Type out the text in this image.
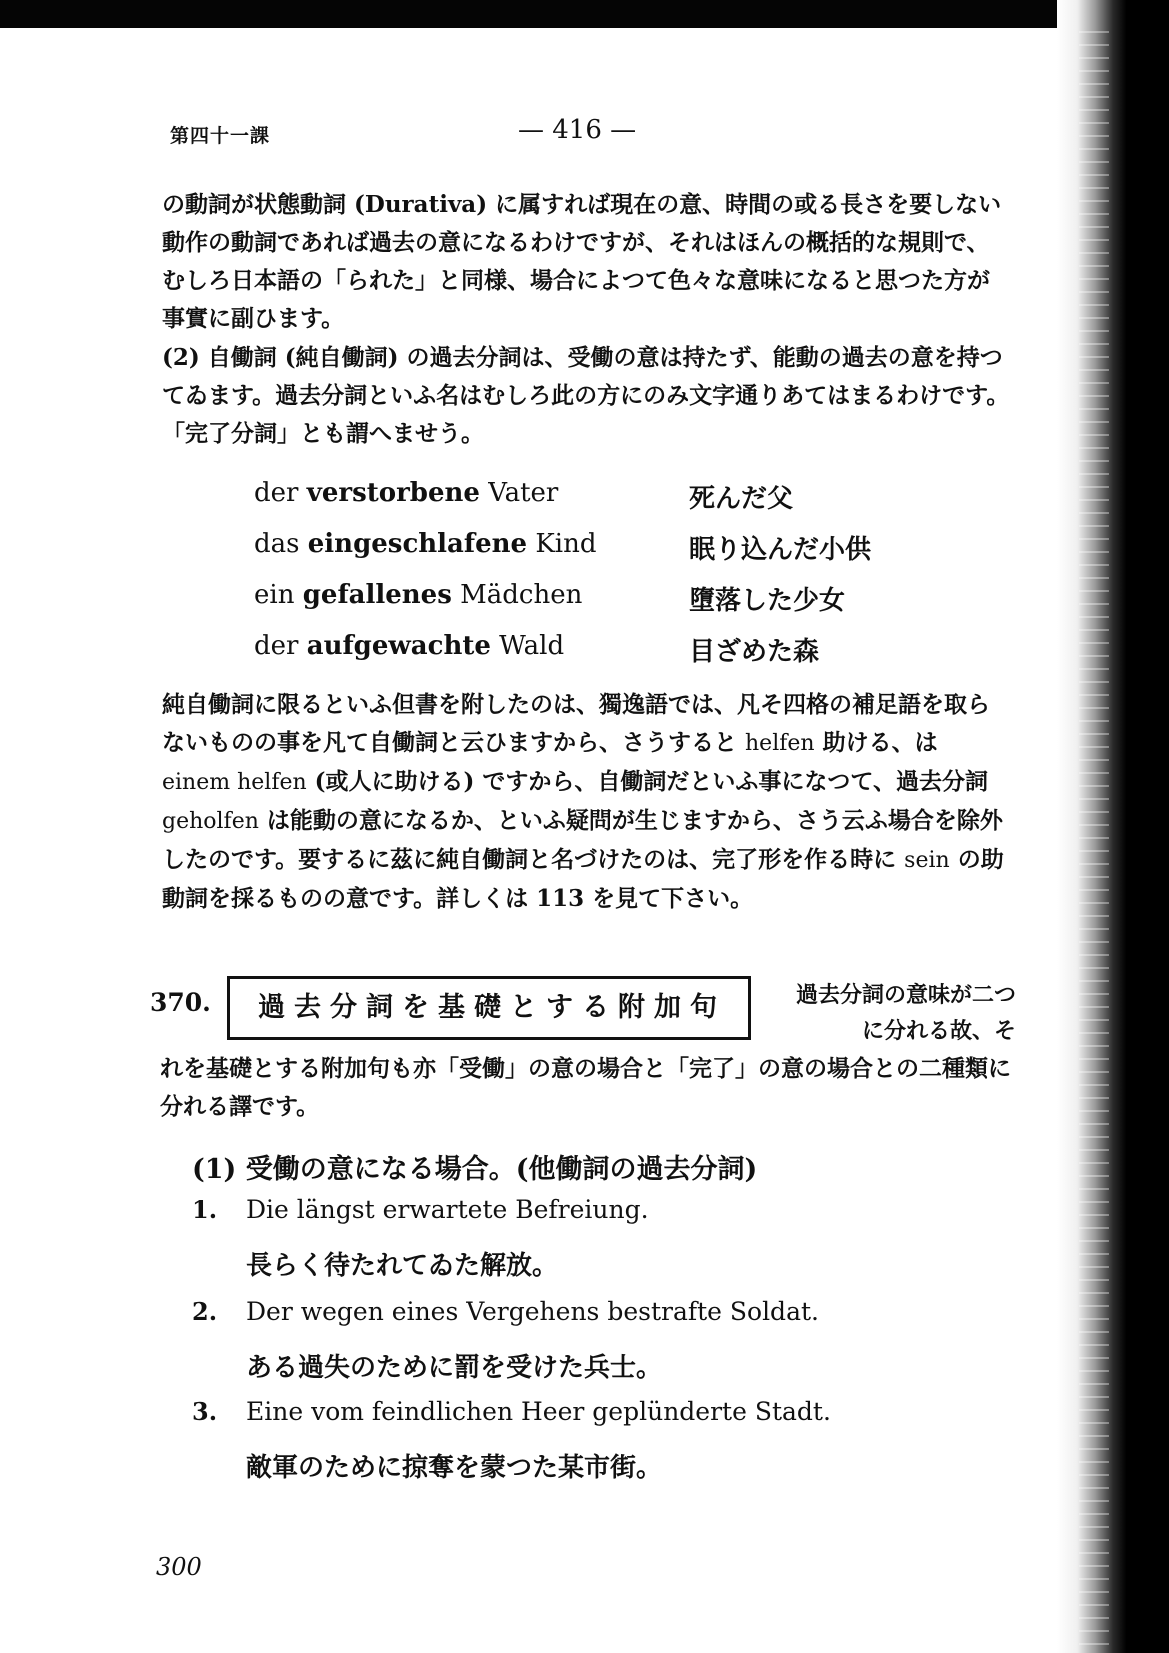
第四十一課	— 416 —

の動詞が状態動詞 (Durativa) に属すれば現在の意、時間の或る長さを要しない動作の動詞であれば過去の意になるわけですが、それはほんの概括的な規則で、むしろ日本語の「られた」と同様、場合によつて色々な意味になると思つた方が事實に副ひます。

(2) 自働詞 (純自働詞) の過去分詞は、受働の意は持たず、能動の過去の意を持つてゐます。過去分詞といふ名はむしろ此の方にのみ文字通りあてはまるわけです。「完了分詞」とも謂へませう。

der verstorbene Vater	死んだ父
das eingeschlafene Kind	眠り込んだ小供
ein gefallenes Mädchen	墮落した少女
der aufgewachte Wald	目ざめた森

純自働詞に限るといふ但書を附したのは、獨逸語では、凡そ四格の補足語を取らないものの事を凡て自働詞と云ひますから、さうすると helfen 助ける、は einem helfen (或人に助ける) ですから、自働詞だといふ事になつて、過去分詞 geholfen は能動の意になるか、といふ疑問が生じますから、さう云ふ場合を除外したのです。要するに茲に純自働詞と名づけたのは、完了形を作る時に sein の助動詞を採るものの意です。詳しくは 113 を見て下さい。

370.	過去分詞を基礎とする附加句	過去分詞の意味が二つに分れる故、そ

れを基礎とする附加句も亦「受働」の意の場合と「完了」の意の場合との二種類に分れる譯です。

(1) 受働の意になる場合。(他働詞の過去分詞)
1. Die längst erwartete Befreiung.
長らく待たれてゐた解放。
2. Der wegen eines Vergehens bestrafte Soldat.
ある過失のために罰を受けた兵士。
3. Eine vom feindlichen Heer geplünderte Stadt.
敵軍のために掠奪を蒙つた某市街。
300
